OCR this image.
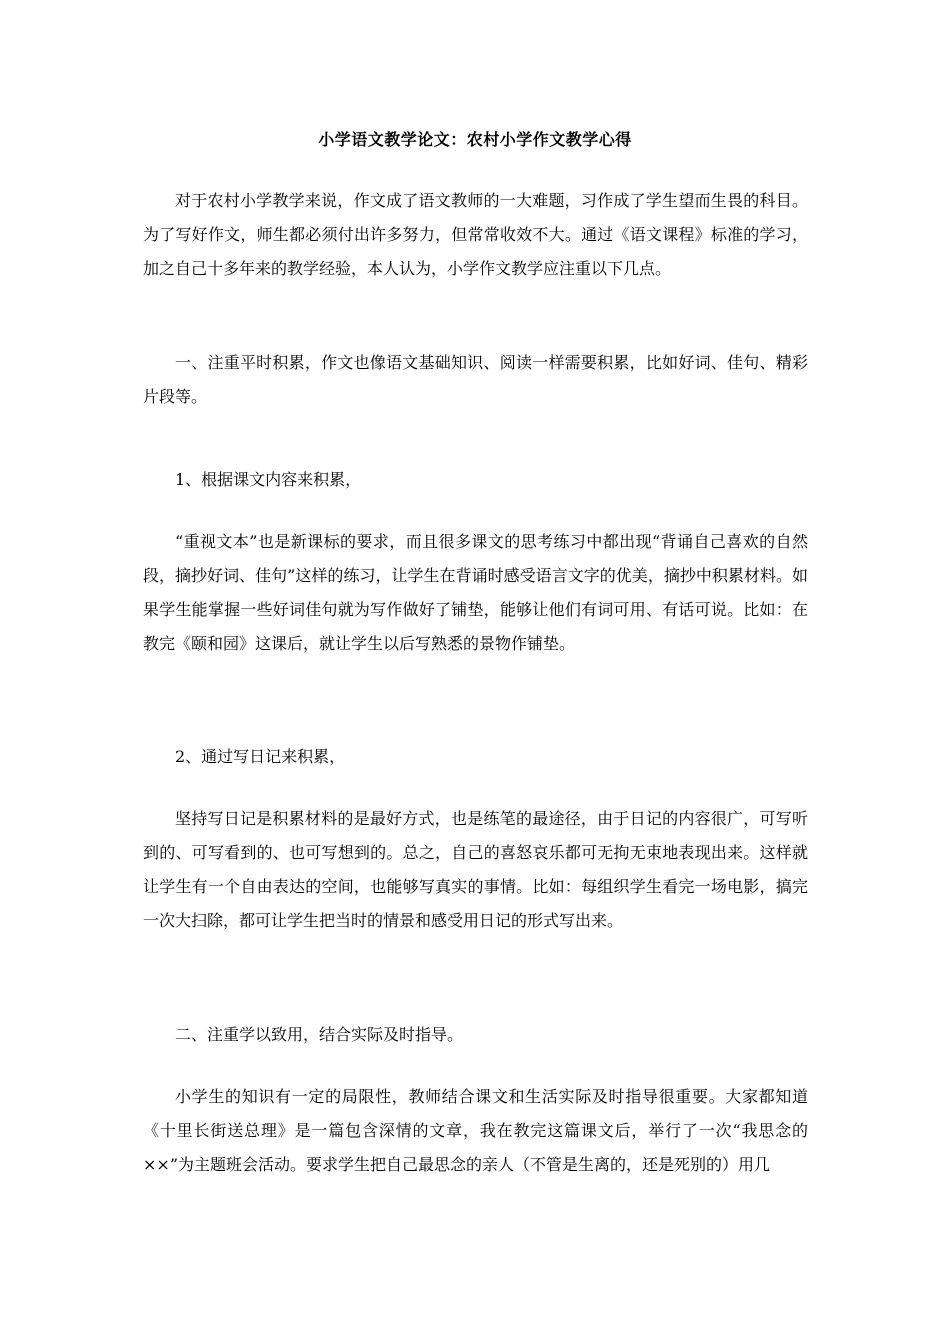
小学语文教学论文：农村小学作文教学心得

对于农村小学教学来说，作文成了语文教师的一大难题，习作成了学生望而生畏的科目。为了写好作文，师生都必须付出许多努力，但常常收效不大。通过《语文课程》标准的学习，加之自己十多年来的教学经验，本人认为，小学作文教学应注重以下几点。

一、注重平时积累，作文也像语文基础知识、阅读一样需要积累，比如好词、佳句、精彩片段等。

1、根据课文内容来积累，

“重视文本”也是新课标的要求，而且很多课文的思考练习中都出现“背诵自己喜欢的自然段，摘抄好词、佳句”这样的练习，让学生在背诵时感受语言文字的优美，摘抄中积累材料。如果学生能掌握一些好词佳句就为写作做好了铺垫，能够让他们有词可用、有话可说。比如：在教完《颐和园》这课后，就让学生以后写熟悉的景物作铺垫。

2、通过写日记来积累，

坚持写日记是积累材料的是最好方式，也是练笔的最途径，由于日记的内容很广，可写听到的、可写看到的、也可写想到的。总之，自己的喜怒哀乐都可无拘无束地表现出来。这样就让学生有一个自由表达的空间，也能够写真实的事情。比如：每组织学生看完一场电影，搞完一次大扫除，都可让学生把当时的情景和感受用日记的形式写出来。

二、注重学以致用，结合实际及时指导。

小学生的知识有一定的局限性，教师结合课文和生活实际及时指导很重要。大家都知道《十里长街送总理》是一篇包含深情的文章，我在教完这篇课文后，举行了一次“我思念的××”为主题班会活动。要求学生把自己最思念的亲人（不管是生离的，还是死别的）用几
